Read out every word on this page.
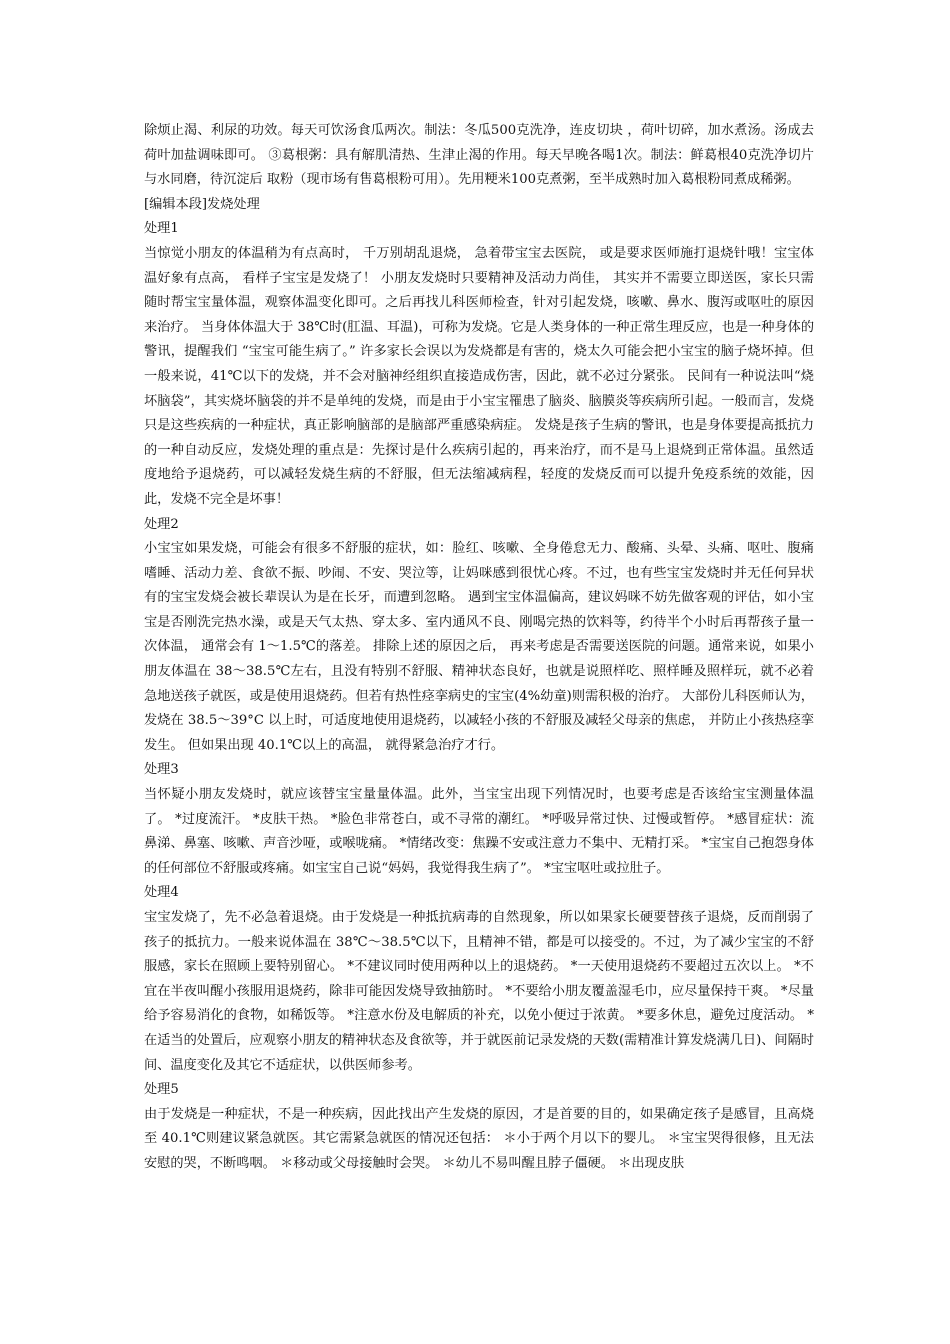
除烦止渴、利尿的功效。每天可饮汤食瓜两次。制法：冬瓜500克洗净，连皮切块 ，荷叶切碎，加水煮汤。汤成去荷叶加盐调味即可。 ③葛根粥：具有解肌清热、生津止渴的作用。每天早晚各喝1次。制法：鲜葛根40克洗净切片与水同磨，待沉淀后 取粉（现市场有售葛根粉可用）。先用粳米100克煮粥，至半成熟时加入葛根粉同煮成稀粥。

[编辑本段]发烧处理

处理1

当惊觉小朋友的体温稍为有点高时， 千万别胡乱退烧， 急着带宝宝去医院， 或是要求医师施打退烧针哦！宝宝体温好象有点高， 看样子宝宝是发烧了！ 小朋友发烧时只要精神及活动力尚佳， 其实并不需要立即送医，家长只需随时帮宝宝量体温，观察体温变化即可。之后再找儿科医师检查，针对引起发烧，咳嗽、鼻水、腹泻或呕吐的原因来治疗。 当身体体温大于 38℃时(肛温、耳温)，可称为发烧。它是人类身体的一种正常生理反应，也是一种身体的警讯，提醒我们 “宝宝可能生病了。” 许多家长会误以为发烧都是有害的，烧太久可能会把小宝宝的脑子烧坏掉。但一般来说，41℃以下的发烧，并不会对脑神经组织直接造成伤害，因此，就不必过分紧张。 民间有一种说法叫“烧坏脑袋”，其实烧坏脑袋的并不是单纯的发烧，而是由于小宝宝罹患了脑炎、脑膜炎等疾病所引起。一般而言，发烧只是这些疾病的一种症状，真正影响脑部的是脑部严重感染病症。 发烧是孩子生病的警讯，也是身体要提高抵抗力的一种自动反应，发烧处理的重点是：先探讨是什么疾病引起的，再来治疗，而不是马上退烧到正常体温。虽然适度地给予退烧药，可以减轻发烧生病的不舒服，但无法缩减病程，轻度的发烧反而可以提升免疫系统的效能，因此，发烧不完全是坏事！

处理2

小宝宝如果发烧，可能会有很多不舒服的症状，如：脸红、咳嗽、全身倦怠无力、酸痛、头晕、头痛、呕吐、腹痛嗜睡、活动力差、食欲不振、吵闹、不安、哭泣等，让妈咪感到很忧心疼。不过，也有些宝宝发烧时并无任何异状有的宝宝发烧会被长辈误认为是在长牙，而遭到忽略。 遇到宝宝体温偏高，建议妈咪不妨先做客观的评估，如小宝宝是否刚洗完热水澡，或是天气太热、穿太多、室内通风不良、刚喝完热的饮料等，约待半个小时后再帮孩子量一次体温， 通常会有 1～1.5℃的落差。 排除上述的原因之后， 再来考虑是否需要送医院的问题。通常来说，如果小朋友体温在 38～38.5℃左右，且没有特别不舒服、精神状态良好，也就是说照样吃、照样睡及照样玩，就不必着急地送孩子就医，或是使用退烧药。但若有热性痉挛病史的宝宝(4%幼童)则需积极的治疗。 大部份儿科医师认为，发烧在 38.5～39°C 以上时，可适度地使用退烧药，以减轻小孩的不舒服及减轻父母亲的焦虑， 并防止小孩热痉挛发生。 但如果出现 40.1℃以上的高温， 就得紧急治疗才行。

处理3

当怀疑小朋友发烧时，就应该替宝宝量量体温。此外，当宝宝出现下列情况时，也要考虑是否该给宝宝测量体温了。 *过度流汗。 *皮肤干热。 *脸色非常苍白，或不寻常的潮红。 *呼吸异常过快、过慢或暂停。 *感冒症状：流鼻涕、鼻塞、咳嗽、声音沙哑，或喉咙痛。 *情绪改变：焦躁不安或注意力不集中、无精打采。 *宝宝自己抱怨身体的任何部位不舒服或疼痛。如宝宝自己说“妈妈，我觉得我生病了”。 *宝宝呕吐或拉肚子。

处理4

宝宝发烧了，先不必急着退烧。由于发烧是一种抵抗病毒的自然现象，所以如果家长硬要替孩子退烧，反而削弱了孩子的抵抗力。一般来说体温在 38℃～38.5℃以下，且精神不错，都是可以接受的。不过，为了减少宝宝的不舒服感，家长在照顾上要特别留心。 *不建议同时使用两种以上的退烧药。 *一天使用退烧药不要超过五次以上。 *不宜在半夜叫醒小孩服用退烧药，除非可能因发烧导致抽筋时。 *不要给小朋友覆盖湿毛巾，应尽量保持干爽。 *尽量给予容易消化的食物，如稀饭等。 *注意水份及电解质的补充，以免小便过于浓黄。 *要多休息，避免过度活动。 *在适当的处置后，应观察小朋友的精神状态及食欲等，并于就医前记录发烧的天数(需精准计算发烧满几日)、间隔时间、温度变化及其它不适症状，以供医师参考。

处理5

由于发烧是一种症状，不是一种疾病，因此找出产生发烧的原因，才是首要的目的，如果确定孩子是感冒，且高烧至 40.1℃则建议紧急就医。其它需紧急就医的情况还包括： ＊小于两个月以下的婴儿。 ＊宝宝哭得很修，且无法安慰的哭，不断鸣咽。 ＊移动或父母接触时会哭。 ＊幼儿不易叫醒且脖子僵硬。 ＊出现皮肤
